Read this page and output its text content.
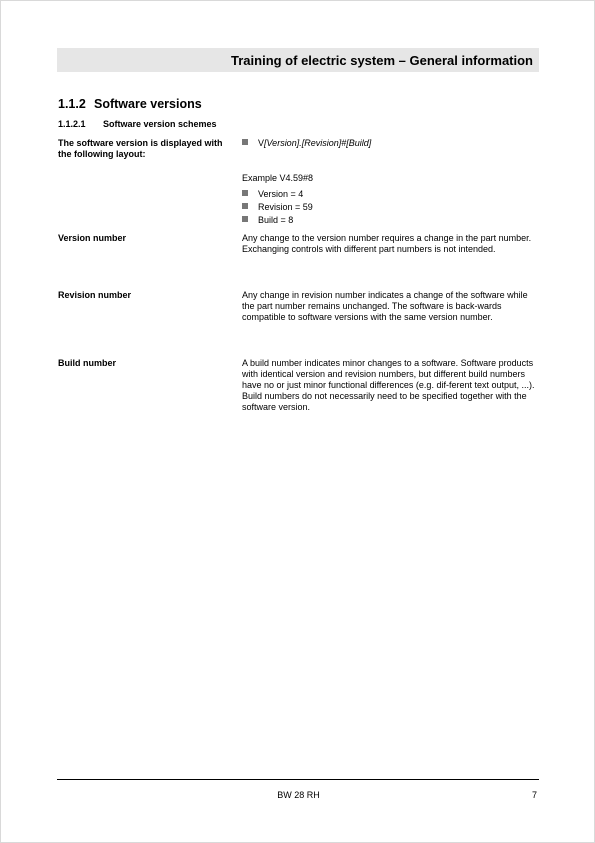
Training of electric system – General information
1.1.2 Software versions
1.1.2.1 Software version schemes
The software version is displayed with the following layout:
V[Version].[Revision]#[Build]
Example V4.59#8
Version = 4
Revision = 59
Build = 8
Version number	Any change to the version number requires a change in the part number. Exchanging controls with different part numbers is not intended.
Revision number	Any change in revision number indicates a change of the software while the part number remains unchanged. The software is back-wards compatible to software versions with the same version number.
Build number	A build number indicates minor changes to a software. Software products with identical version and revision numbers, but different build numbers have no or just minor functional differences (e.g. dif-ferent text output, ...). Build numbers do not necessarily need to be specified together with the software version.
BW 28 RH	7
